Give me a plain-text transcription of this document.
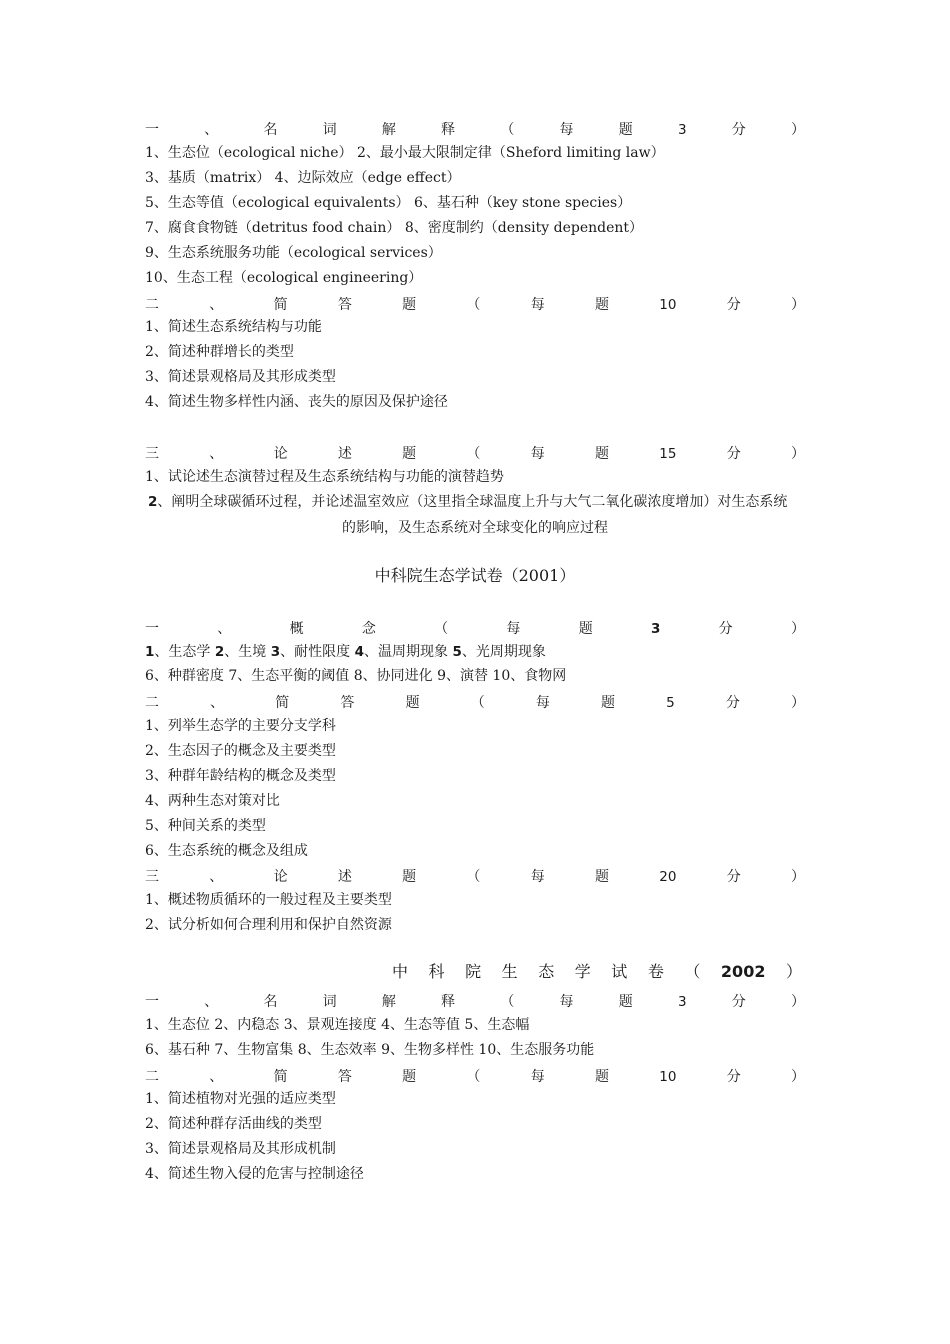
一	、	名	词	解	释	（	每	题	3	分	）
1、生态位（ecological niche） 2、最小最大限制定律（Sheford limiting law）
3、基质（matrix） 4、边际效应（edge effect）
5、生态等值（ecological equivalents） 6、基石种（key stone species）
7、腐食食物链（detritus food chain） 8、密度制约（density dependent）
9、生态系统服务功能（ecological services）
10、生态工程（ecological engineering）
二	、	简	答	题	（	每	题	10	分	）
1、简述生态系统结构与功能
2、简述种群增长的类型
3、简述景观格局及其形成类型
4、简述生物多样性内涵、丧失的原因及保护途径
三	、	论	述	题	（	每	题	15	分	）
1、试论述生态演替过程及生态系统结构与功能的演替趋势
2、阐明全球碳循环过程，并论述温室效应（这里指全球温度上升与大气二氧化碳浓度增加）对生态系统
的影响，及生态系统对全球变化的响应过程
中科院生态学试卷（2001）
一	、	概	念	（	每	题	3	分	）
1、生态学 2、生境 3、耐性限度 4、温周期现象 5、光周期现象
6、种群密度 7、生态平衡的阈值 8、协同进化 9、演替 10、食物网
二	、	简	答	题	（	每	题	5	分	）
1、列举生态学的主要分支学科
2、生态因子的概念及主要类型
3、种群年龄结构的概念及类型
4、两种生态对策对比
5、种间关系的类型
6、生态系统的概念及组成
三	、	论	述	题	（	每	题	20	分	）
1、概述物质循环的一般过程及主要类型
2、试分析如何合理利用和保护自然资源
中 科 院 生 态 学 试 卷 （ 2002 ）
一	、	名	词	解	释	（	每	题	3	分	）
1、生态位 2、内稳态 3、景观连接度 4、生态等值 5、生态幅
6、基石种 7、生物富集 8、生态效率 9、生物多样性 10、生态服务功能
二	、	简	答	题	（	每	题	10	分	）
1、简述植物对光强的适应类型
2、简述种群存活曲线的类型
3、简述景观格局及其形成机制
4、简述生物入侵的危害与控制途径
